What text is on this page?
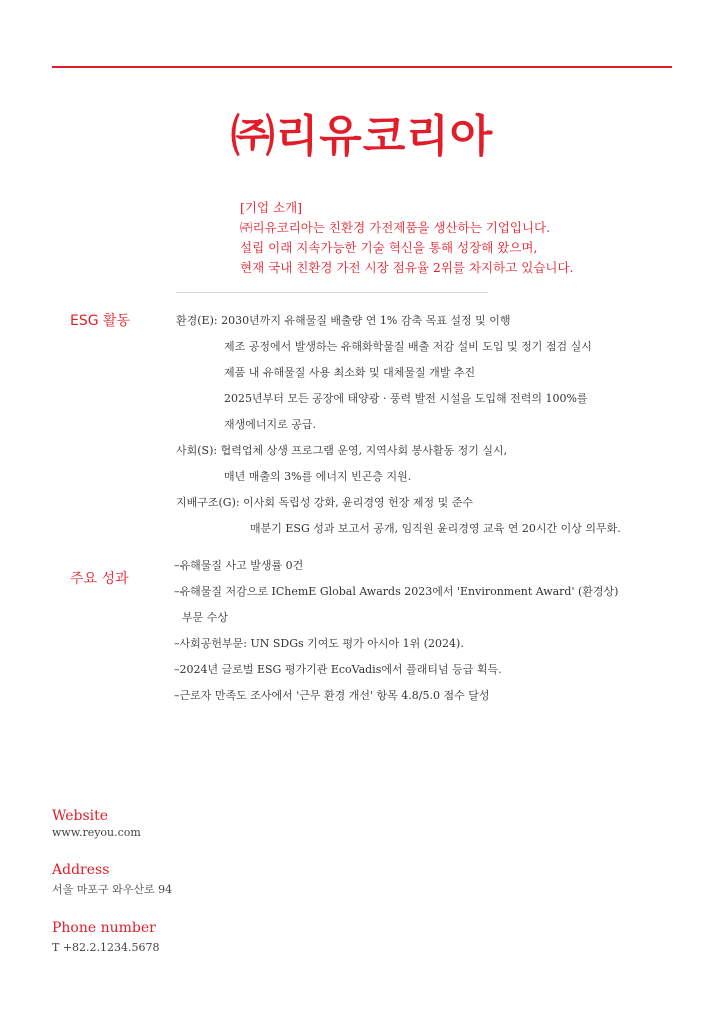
㈜리유코리아
[기업 소개]
㈜리유코리아는 친환경 가전제품을 생산하는 기업입니다.
설립 이래 지속가능한 기술 혁신을 통해 성장해 왔으며,
현재 국내 친환경 가전 시장 점유율 2위를 차지하고 있습니다.
ESG 활동	환경(E): 2030년까지 유해물질 배출량 연 1% 감축 목표 설정 및 이행
제조 공정에서 발생하는 유해화학물질 배출 저감 설비 도입 및 정기 점검 실시
제품 내 유해물질 사용 최소화 및 대체물질 개발 추진
2025년부터 모든 공장에 태양광 · 풍력 발전 시설을 도입해 전력의 100%를
재생에너지로 공급.
사회(S): 협력업체 상생 프로그램 운영, 지역사회 봉사활동 정기 실시,
매년 매출의 3%를 에너지 빈곤층 지원.
지배구조(G): 이사회 독립성 강화, 윤리경영 헌장 제정 및 준수
매분기 ESG 성과 보고서 공개, 임직원 윤리경영 교육 연 20시간 이상 의무화.
주요 성과
–유해물질 사고 발생률 0건
–유해물질 저감으로 IChemE Global Awards 2023에서 'Environment Award' (환경상)
부문 수상
–사회공헌부문: UN SDGs 기여도 평가 아시아 1위 (2024).
–2024년 글로벌 ESG 평가기관 EcoVadis에서 플래티넘 등급 획득.
–근로자 만족도 조사에서 '근무 환경 개선' 항목 4.8/5.0 점수 달성
Website
www.reyou.com
Address
서울 마포구 와우산로 94
Phone number
T +82.2.1234.5678
